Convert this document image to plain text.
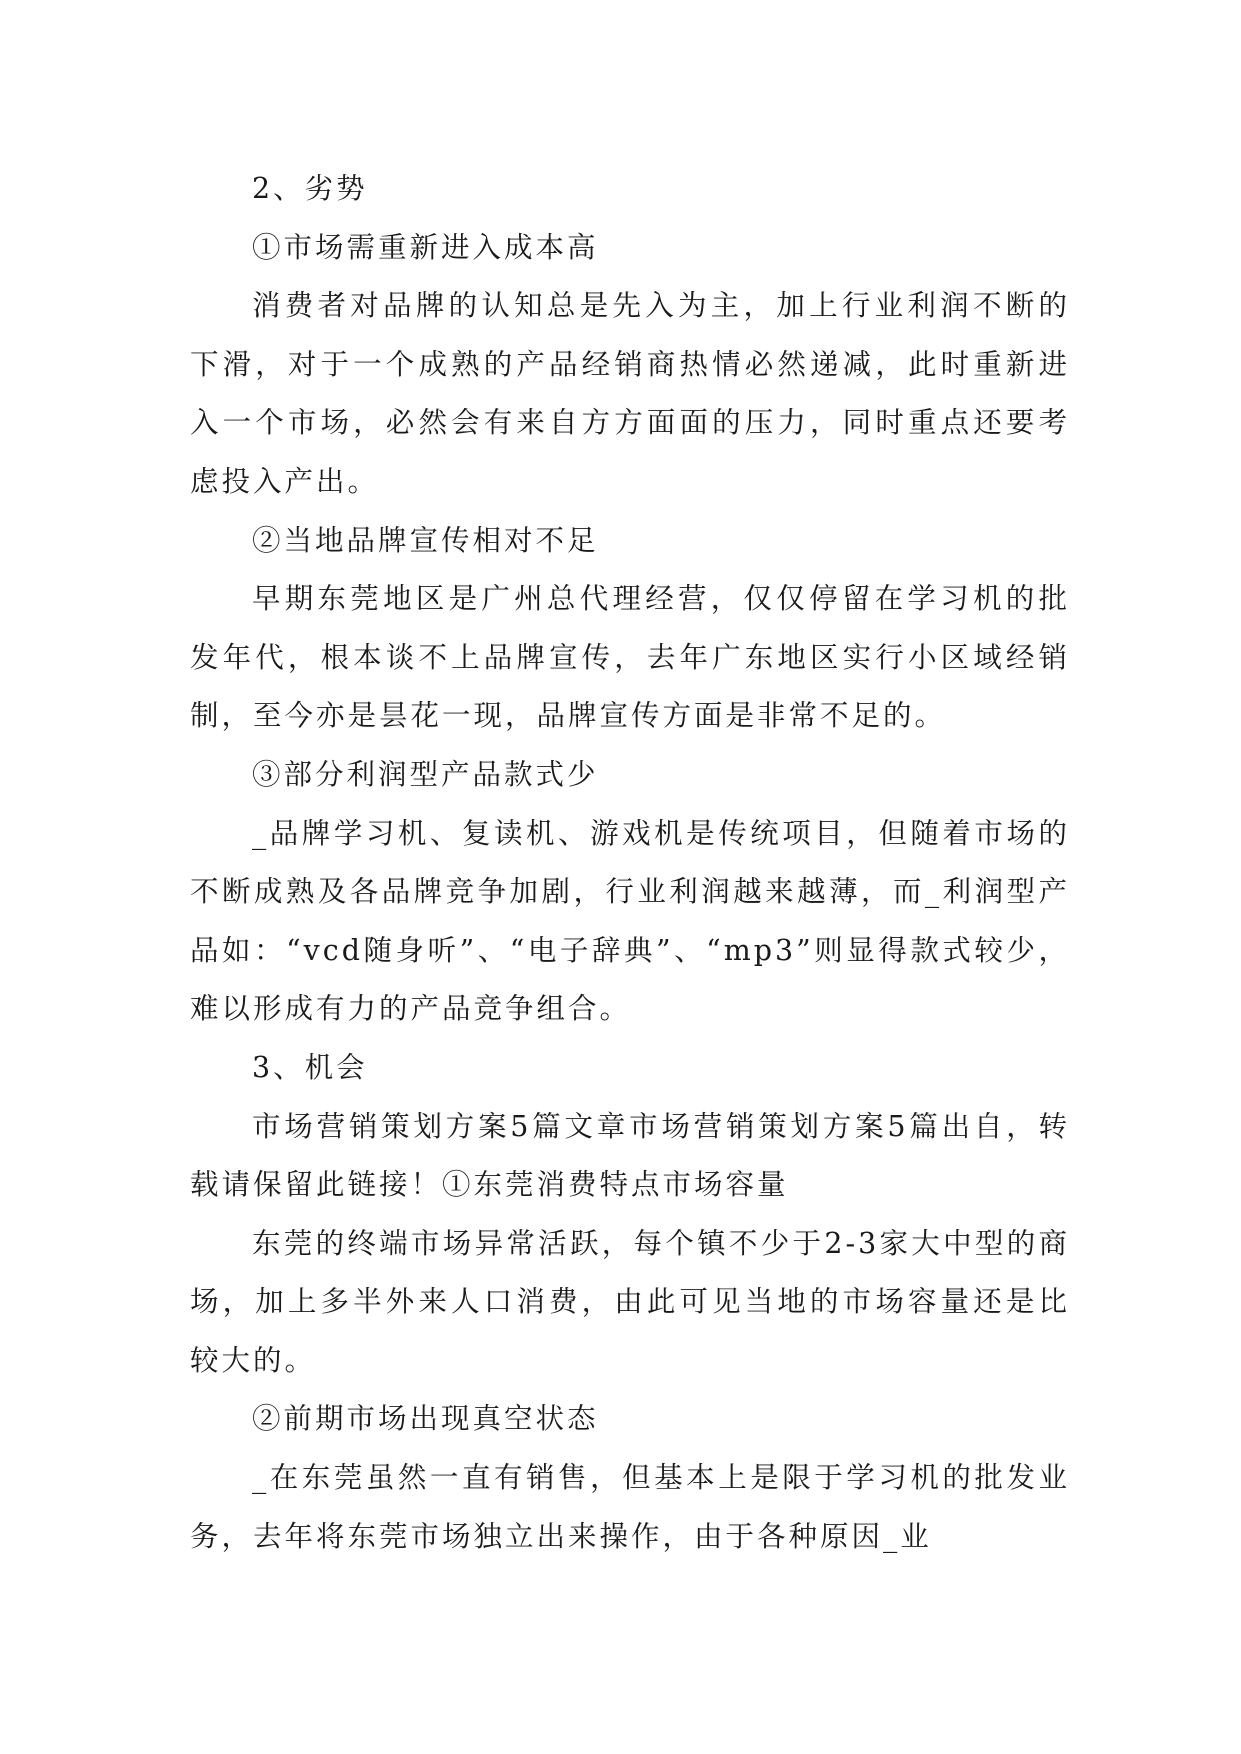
2、劣势

①市场需重新进入成本高

消费者对品牌的认知总是先入为主，加上行业利润不断的下滑，对于一个成熟的产品经销商热情必然递减，此时重新进入一个市场，必然会有来自方方面面的压力，同时重点还要考虑投入产出。

②当地品牌宣传相对不足

早期东莞地区是广州总代理经营，仅仅停留在学习机的批发年代，根本谈不上品牌宣传，去年广东地区实行小区域经销制，至今亦是昙花一现，品牌宣传方面是非常不足的。

③部分利润型产品款式少

_品牌学习机、复读机、游戏机是传统项目，但随着市场的不断成熟及各品牌竞争加剧，行业利润越来越薄，而_利润型产品如：“vcd随身听”、“电子辞典”、“mp3”则显得款式较少，难以形成有力的产品竞争组合。

3、机会

市场营销策划方案5篇文章市场营销策划方案5篇出自，转载请保留此链接！①东莞消费特点市场容量

东莞的终端市场异常活跃，每个镇不少于2-3家大中型的商场，加上多半外来人口消费，由此可见当地的市场容量还是比较大的。

②前期市场出现真空状态

_在东莞虽然一直有销售，但基本上是限于学习机的批发业务，去年将东莞市场独立出来操作，由于各种原因_业
